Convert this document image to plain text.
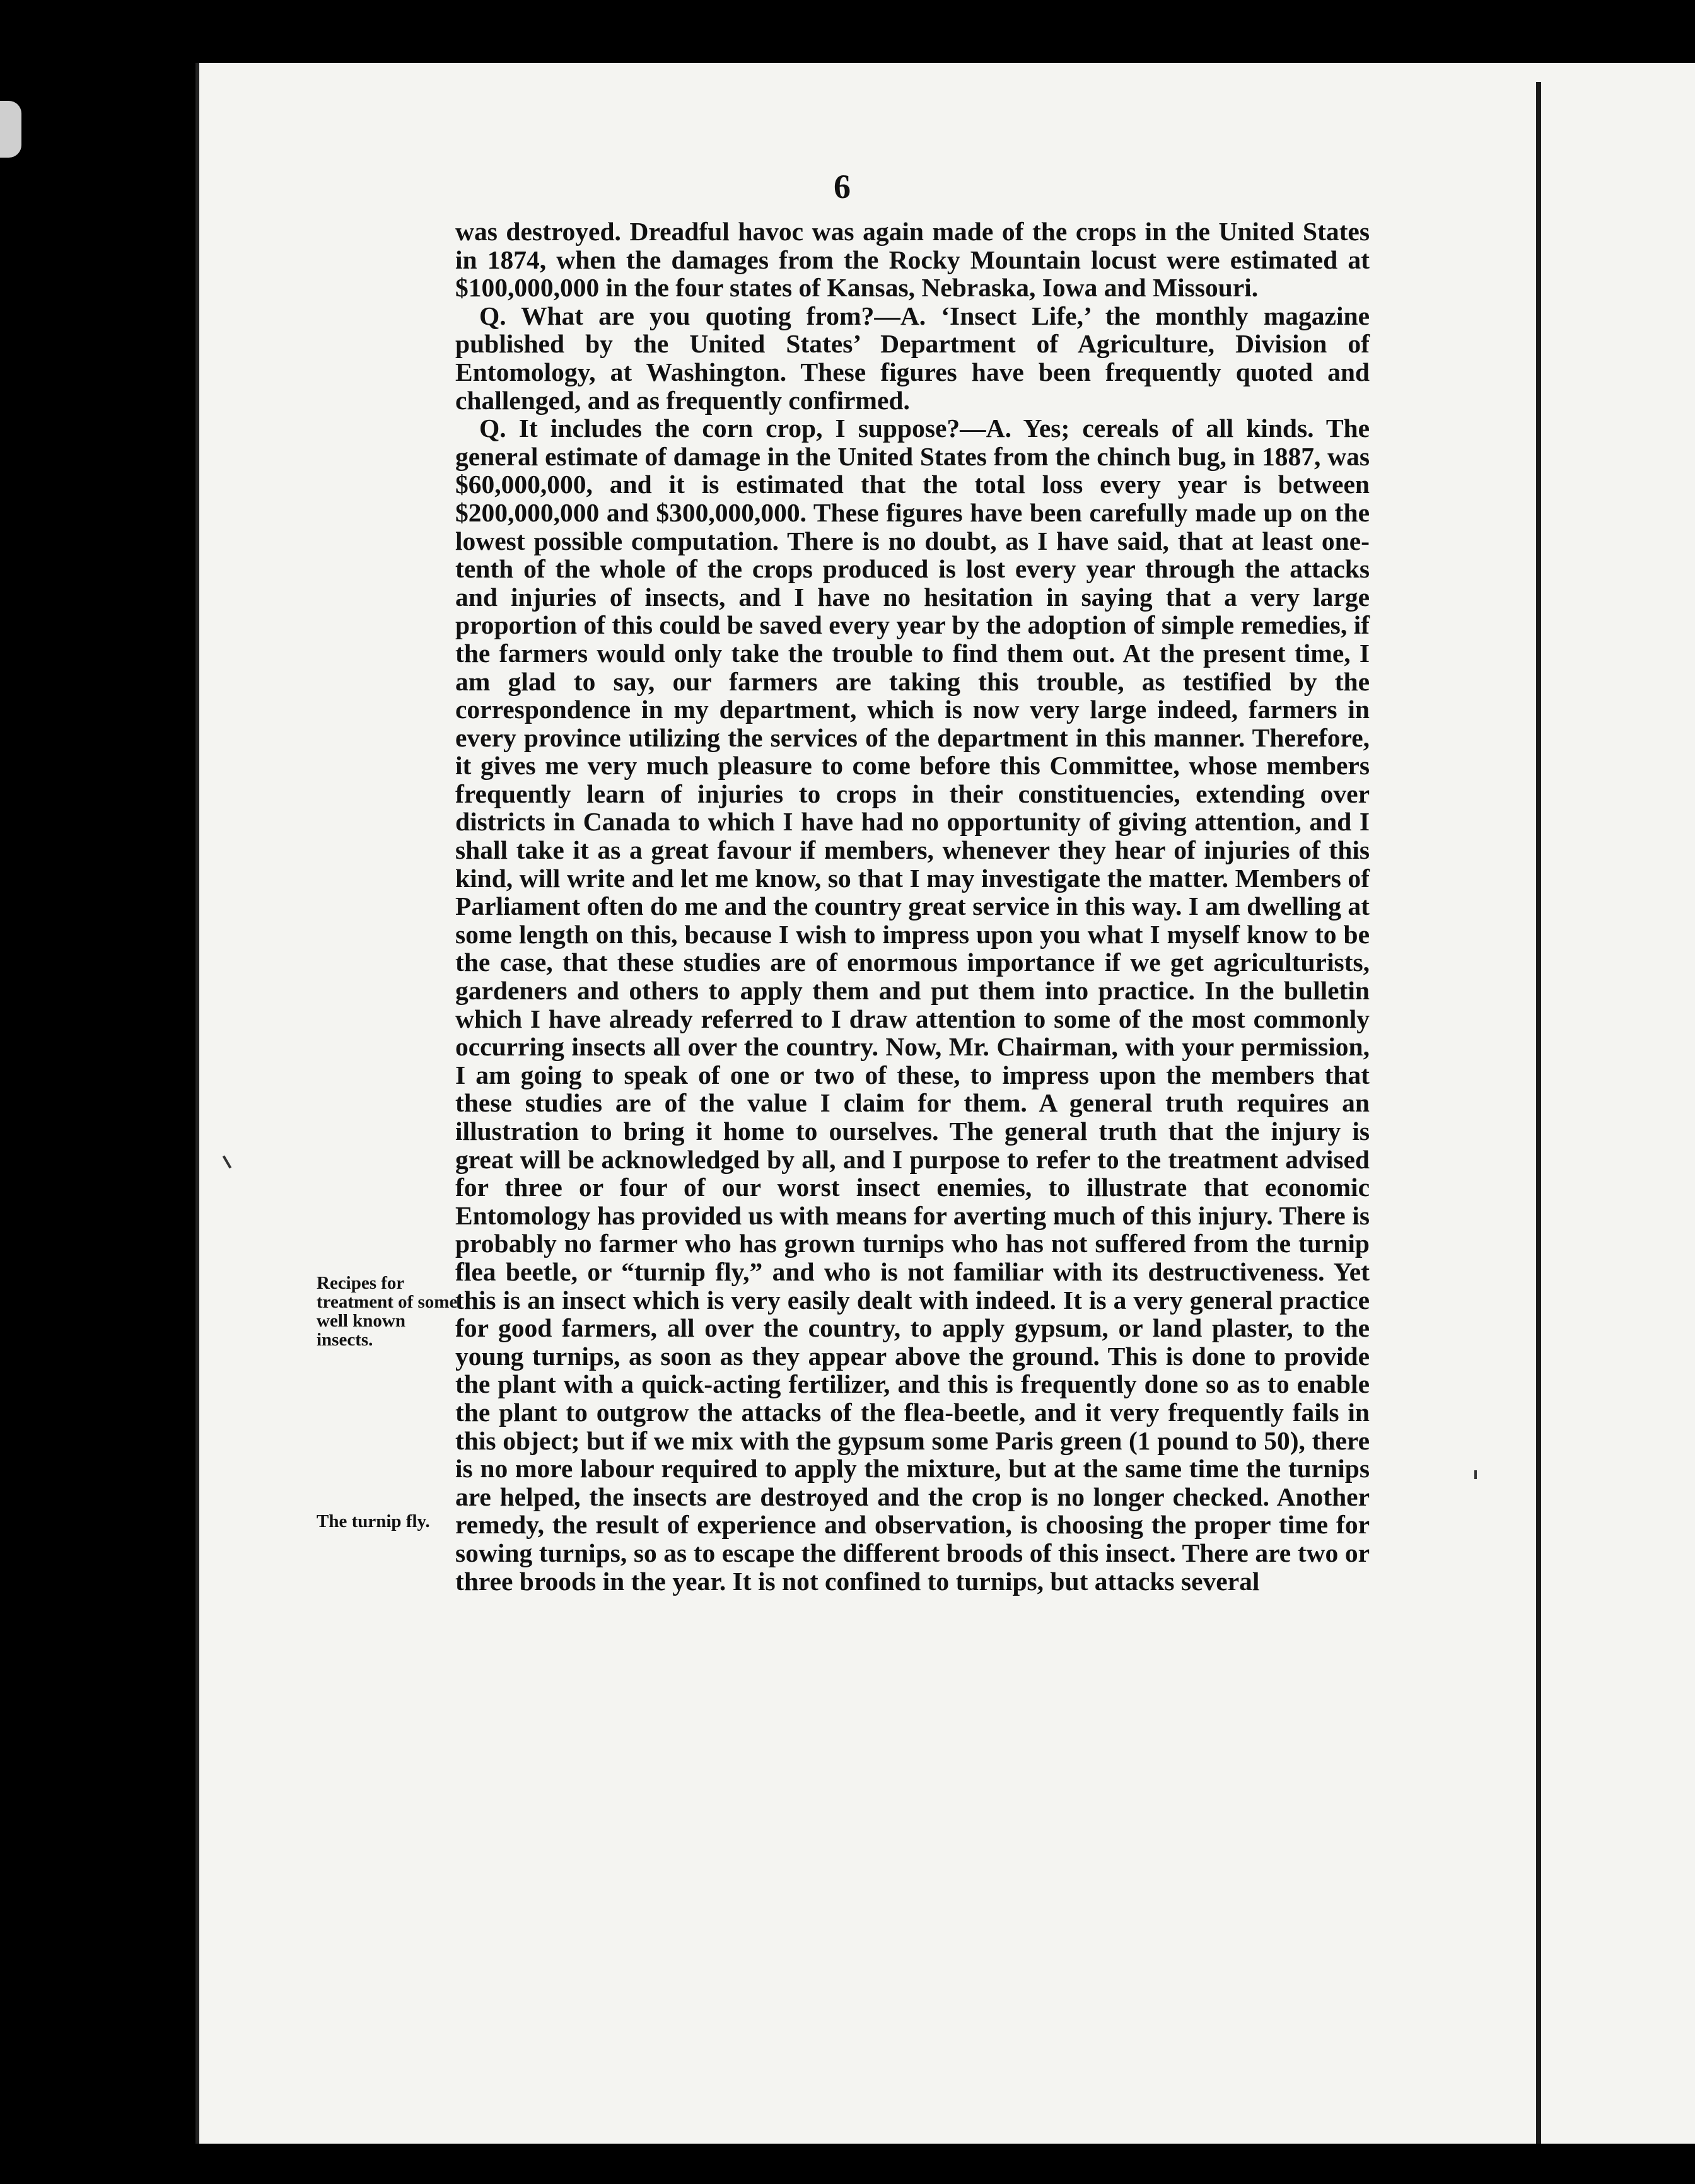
6

was destroyed. Dreadful havoc was again made of the crops in the United States in 1874, when the damages from the Rocky Mountain locust were estimated at $100,000,000 in the four states of Kansas, Nebraska, Iowa and Missouri.

Q. What are you quoting from?—A. ‘Insect Life,’ the monthly magazine published by the United States’ Department of Agriculture, Division of Entomology, at Washington. These figures have been frequently quoted and challenged, and as frequently confirmed.

Q. It includes the corn crop, I suppose?—A. Yes; cereals of all kinds. The general estimate of damage in the United States from the chinch bug, in 1887, was $60,000,000, and it is estimated that the total loss every year is between $200,000,000 and $300,000,000. These figures have been carefully made up on the lowest possible computation. There is no doubt, as I have said, that at least one-tenth of the whole of the crops produced is lost every year through the attacks and injuries of insects, and I have no hesitation in saying that a very large proportion of this could be saved every year by the adoption of simple remedies, if the farmers would only take the trouble to find them out. At the present time, I am glad to say, our farmers are taking this trouble, as testified by the correspondence in my department, which is now very large indeed, farmers in every province utilizing the services of the department in this manner. Therefore, it gives me very much pleasure to come before this Committee, whose members frequently learn of injuries to crops in their constituencies, extending over districts in Canada to which I have had no opportunity of giving attention, and I shall take it as a great favour if members, whenever they hear of injuries of this kind, will write and let me know, so that I may investigate the matter. Members of Parliament often do me and the country great service in this way. I am dwelling at some length on this, because I wish to impress upon you what I myself know to be the case, that these studies are of enormous importance if we get agriculturists, gardeners and others to apply them and put them into practice. In the bulletin which I have already referred to I draw attention to some of the most commonly occurring insects all over the country. Now, Mr. Chairman, with your permission, I am going to speak of one or two of these, to impress upon the members that these studies are of the value I claim for them. A general truth requires an illustration to bring it home to ourselves. The general truth that the injury is great will be acknowledged by all, and I purpose to refer to the treatment advised for three or four of our worst insect enemies, to illustrate that economic Entomology has provided us with means for averting much of this injury. There is probably no farmer who has grown turnips who has not suffered from the turnip flea beetle, or “turnip fly,” and who is not familiar with its destructiveness. Yet this is an insect which is very easily dealt with indeed. It is a very general practice for good farmers, all over the country, to apply gypsum, or land plaster, to the young turnips, as soon as they appear above the ground. This is done to provide the plant with a quick-acting fertilizer, and this is frequently done so as to enable the plant to outgrow the attacks of the flea-beetle, and it very frequently fails in this object; but if we mix with the gypsum some Paris green (1 pound to 50), there is no more labour required to apply the mixture, but at the same time the turnips are helped, the insects are destroyed and the crop is no longer checked. Another remedy, the result of experience and observation, is choosing the proper time for sowing turnips, so as to escape the different broods of this insect. There are two or three broods in the year. It is not confined to turnips, but attacks several

Recipes for treatment of some well known insects.
The turnip fly.
